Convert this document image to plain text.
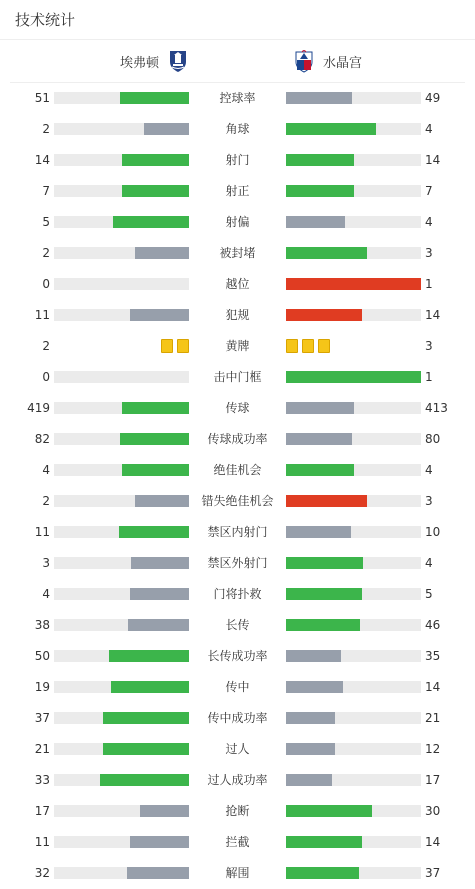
技术统计
埃弗顿	水晶宫
51	控球率	49
2	角球	4
14	射门	14
7	射正	7
5	射偏	4
2	被封堵	3
0	越位	1
11	犯规	14
2	黄牌	3
0	击中门框	1
419	传球	413
82	传球成功率	80
4	绝佳机会	4
2	错失绝佳机会	3
11	禁区内射门	10
3	禁区外射门	4
4	门将扑救	5
38	长传	46
50	长传成功率	35
19	传中	14
37	传中成功率	21
21	过人	12
33	过人成功率	17
17	抢断	30
11	拦截	14
32	解围	37
